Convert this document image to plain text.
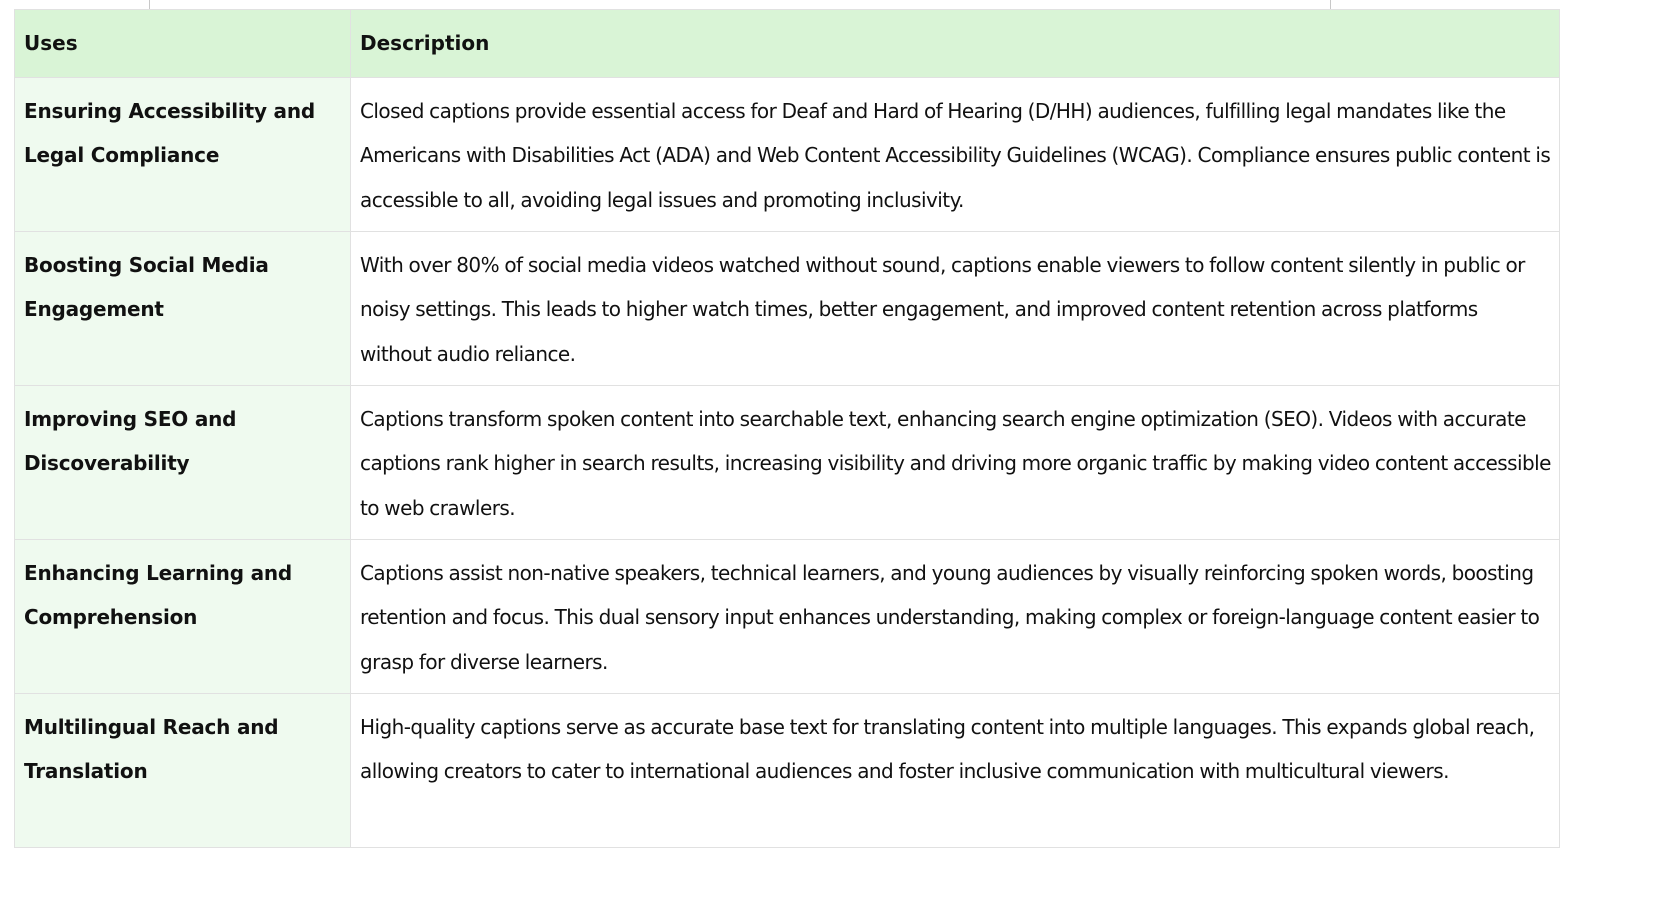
Uses	Description
Ensuring Accessibility and Legal Compliance	Closed captions provide essential access for Deaf and Hard of Hearing (D/HH) audiences, fulfilling legal mandates like the Americans with Disabilities Act (ADA) and Web Content Accessibility Guidelines (WCAG). Compliance ensures public content is accessible to all, avoiding legal issues and promoting inclusivity.
Boosting Social Media Engagement	With over 80% of social media videos watched without sound, captions enable viewers to follow content silently in public or noisy settings. This leads to higher watch times, better engagement, and improved content retention across platforms without audio reliance.
Improving SEO and Discoverability	Captions transform spoken content into searchable text, enhancing search engine optimization (SEO). Videos with accurate captions rank higher in search results, increasing visibility and driving more organic traffic by making video content accessible to web crawlers.
Enhancing Learning and Comprehension	Captions assist non-native speakers, technical learners, and young audiences by visually reinforcing spoken words, boosting retention and focus. This dual sensory input enhances understanding, making complex or foreign-language content easier to grasp for diverse learners.
Multilingual Reach and Translation	High-quality captions serve as accurate base text for translating content into multiple languages. This expands global reach, allowing creators to cater to international audiences and foster inclusive communication with multicultural viewers.
